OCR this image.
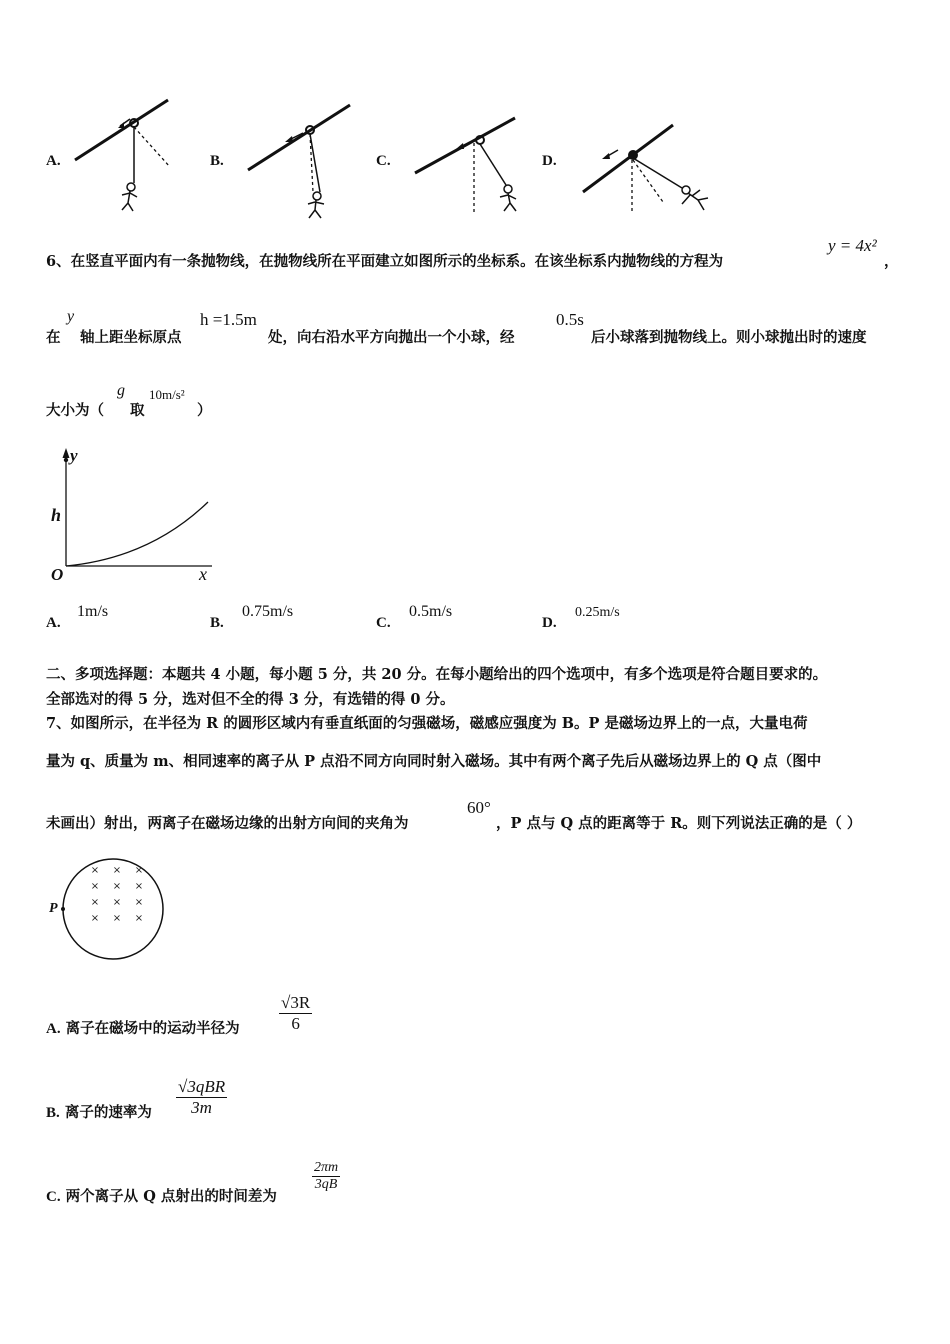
A.	B.	C.	D.
6、在竖直平面内有一条抛物线，在抛物线所在平面建立如图所示的坐标系。在该坐标系内抛物线的方程为
y = 4x²
，
在
y
轴上距坐标原点
h =1.5m
处，向右沿水平方向抛出一个小球，经
0.5s
后小球落到抛物线上。则小球抛出时的速度
大小为（
g
取
10m/s²
）
y
h
O	x
A.
1m/s
B.
0.75m/s
C.
0.5m/s
D.
0.25m/s
二、多项选择题：本题共 4 小题，每小题 5 分，共 20 分。在每小题给出的四个选项中，有多个选项是符合题目要求的。
全部选对的得 5 分，选对但不全的得 3 分，有选错的得 0 分。
7、如图所示，在半径为 R 的圆形区域内有垂直纸面的匀强磁场，磁感应强度为 B。P 是磁场边界上的一点，大量电荷
量为 q、质量为 m、相同速率的离子从 P 点沿不同方向同时射入磁场。其中有两个离子先后从磁场边界上的 Q 点（图中
未画出）射出，两离子在磁场边缘的出射方向间的夹角为
60°
，P 点与 Q 点的距离等于 R。则下列说法正确的是（ ）
P
×	×	×
×	×	×
×	×	×
×	×	×
A. 离子在磁场中的运动半径为 $\frac{√3R}{6}$
B. 离子的速率为
√3qBR
3m
C. 两个离子从 Q 点射出的时间差为
$\frac{2\pi m}{3qB}$
